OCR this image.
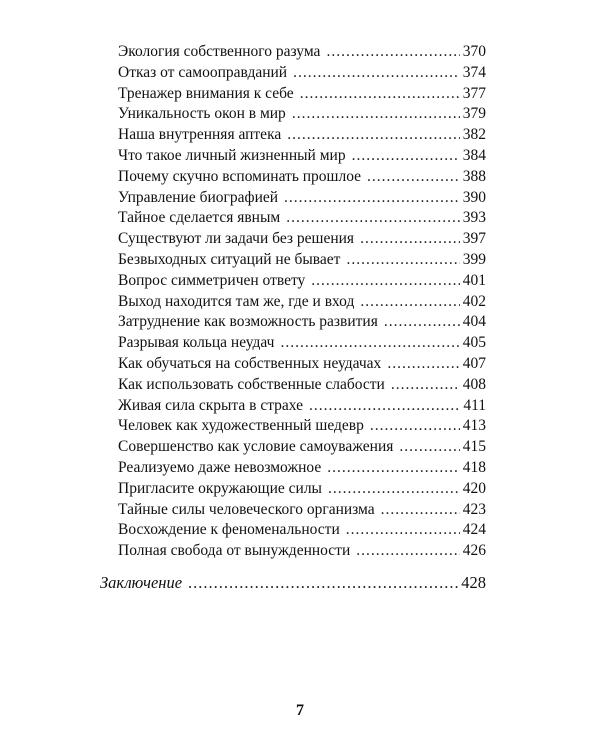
Экология собственного разума .....	370
Отказ от самооправданий .....	374
Тренажер внимания к себе .....	377
Уникальность окон в мир .....	379
Наша внутренняя аптека .....	382
Что такое личный жизненный мир .....	384
Почему скучно вспоминать прошлое .....	388
Управление биографией .....	390
Тайное сделается явным .....	393
Существуют ли задачи без решения .....	397
Безвыходных ситуаций не бывает .....	399
Вопрос симметричен ответу .....	401
Выход находится там же, где и вход .....	402
Затруднение как возможность развития .....	404
Разрывая кольца неудач .....	405
Как обучаться на собственных неудачах .....	407
Как использовать собственные слабости .....	408
Живая сила скрыта в страхе .....	411
Человек как художественный шедевр .....	413
Совершенство как условие самоуважения .....	415
Реализуемо даже невозможное .....	418
Пригласите окружающие силы .....	420
Тайные силы человеческого организма .....	423
Восхождение к феноменальности .....	424
Полная свобода от вынужденности .....	426
Заключение .....	428
7
